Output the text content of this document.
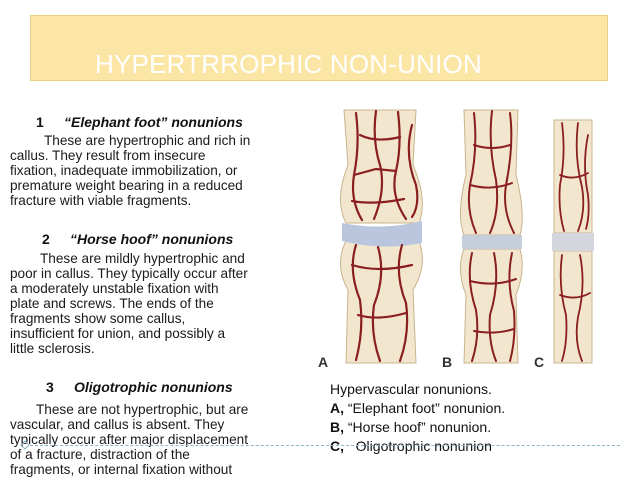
HYPERTRROPHIC NON-UNION
1 “Elephant foot” nonunions
These are hypertrophic and rich in
callus. They result from insecure
fixation, inadequate immobilization, or
premature weight bearing in a reduced
fracture with viable fragments.
2 “Horse hoof” nonunions
These are mildly hypertrophic and
poor in callus. They typically occur after
a moderately unstable fixation with
plate and screws. The ends of the
fragments show some callus,
insufficient for union, and possibly a
little sclerosis.
3 Oligotrophic nonunions
These are not hypertrophic, but are
vascular, and callus is absent. They
typically occur after major displacement
of a fracture, distraction of the
fragments, or internal fixation without
A	B	C
Hypervascular nonunions.
A, “Elephant foot” nonunion.
B, “Horse hoof” nonunion.
C,   Oligotrophic nonunion
